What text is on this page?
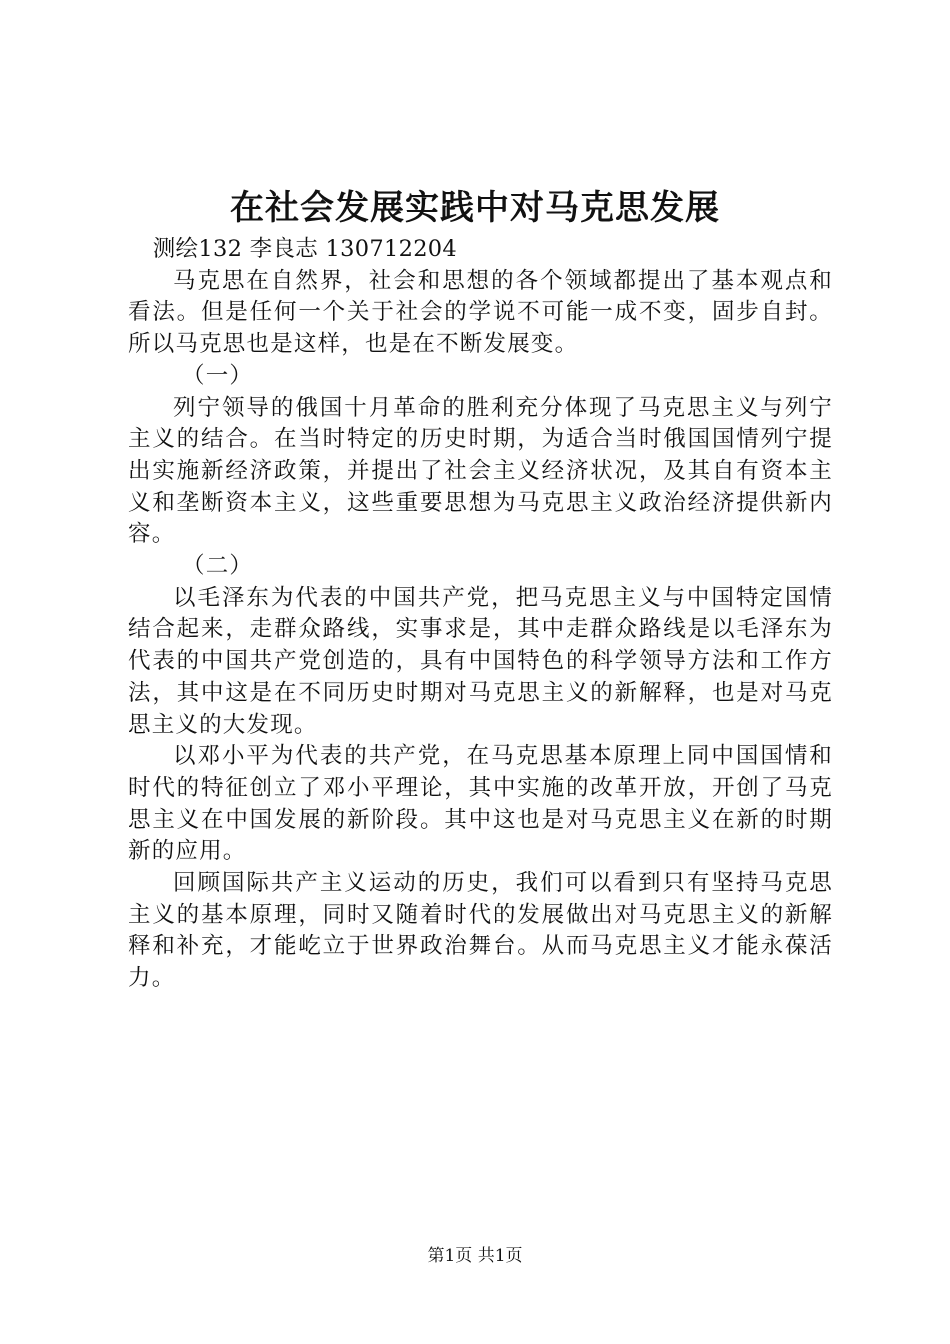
在社会发展实践中对马克思发展

测绘132 李良志 130712204

马克思在自然界，社会和思想的各个领域都提出了基本观点和看法。但是任何一个关于社会的学说不可能一成不变，固步自封。所以马克思也是这样，也是在不断发展变。

（一）

列宁领导的俄国十月革命的胜利充分体现了马克思主义与列宁主义的结合。在当时特定的历史时期，为适合当时俄国国情列宁提出实施新经济政策，并提出了社会主义经济状况，及其自有资本主义和垄断资本主义，这些重要思想为马克思主义政治经济提供新内容。

（二）

以毛泽东为代表的中国共产党，把马克思主义与中国特定国情结合起来，走群众路线，实事求是，其中走群众路线是以毛泽东为代表的中国共产党创造的，具有中国特色的科学领导方法和工作方法，其中这是在不同历史时期对马克思主义的新解释，也是对马克思主义的大发现。

以邓小平为代表的共产党，在马克思基本原理上同中国国情和时代的特征创立了邓小平理论，其中实施的改革开放，开创了马克思主义在中国发展的新阶段。其中这也是对马克思主义在新的时期新的应用。

回顾国际共产主义运动的历史，我们可以看到只有坚持马克思主义的基本原理，同时又随着时代的发展做出对马克思主义的新解释和补充，才能屹立于世界政治舞台。从而马克思主义才能永葆活力。

第1页 共1页
